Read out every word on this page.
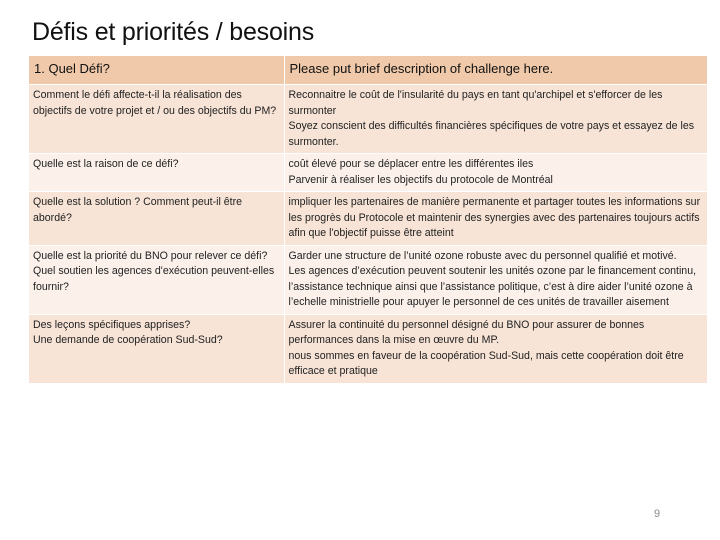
Défis et priorités / besoins
1. Quel Défi?	Please put brief description of challenge here.
Comment le défi affecte-t-il la réalisation des objectifs de votre projet et / ou des objectifs du PM?	Reconnaitre le coût de l'insularité du pays en tant qu'archipel et s'efforcer de les surmonter
Soyez conscient des difficultés financières spécifiques de votre pays et essayez de les surmonter.

Quelle est la raison de ce défi?	coût élevé pour se déplacer entre les différentes iles
Parvenir à réaliser les objectifs du protocole de Montréal

Quelle est la solution ? Comment peut-il être abordé?	impliquer les partenaires de manière permanente et partager toutes les informations sur les progrès du Protocole et maintenir des synergies avec des partenaires toujours actifs afin que l'objectif puisse être atteint

Quelle est la priorité du BNO pour relever ce défi?
Quel soutien les agences d'exécution peuvent-elles fournir?	Garder une structure de l’unité ozone robuste avec du personnel qualifié et motivé.
Les agences d’exécution peuvent soutenir les unités ozone par le financement continu, l’assistance technique ainsi que l’assistance politique, c’est à dire aider l’unité ozone à l’echelle ministrielle pour apuyer le personnel de ces unités de travailler aisement

Des leçons spécifiques apprises?
Une demande de coopération Sud-Sud?	Assurer la continuité du personnel désigné du BNO pour assurer de bonnes performances dans la mise en œuvre du MP.
nous sommes en faveur de la coopération Sud-Sud, mais cette coopération doit être efficace et pratique
9
